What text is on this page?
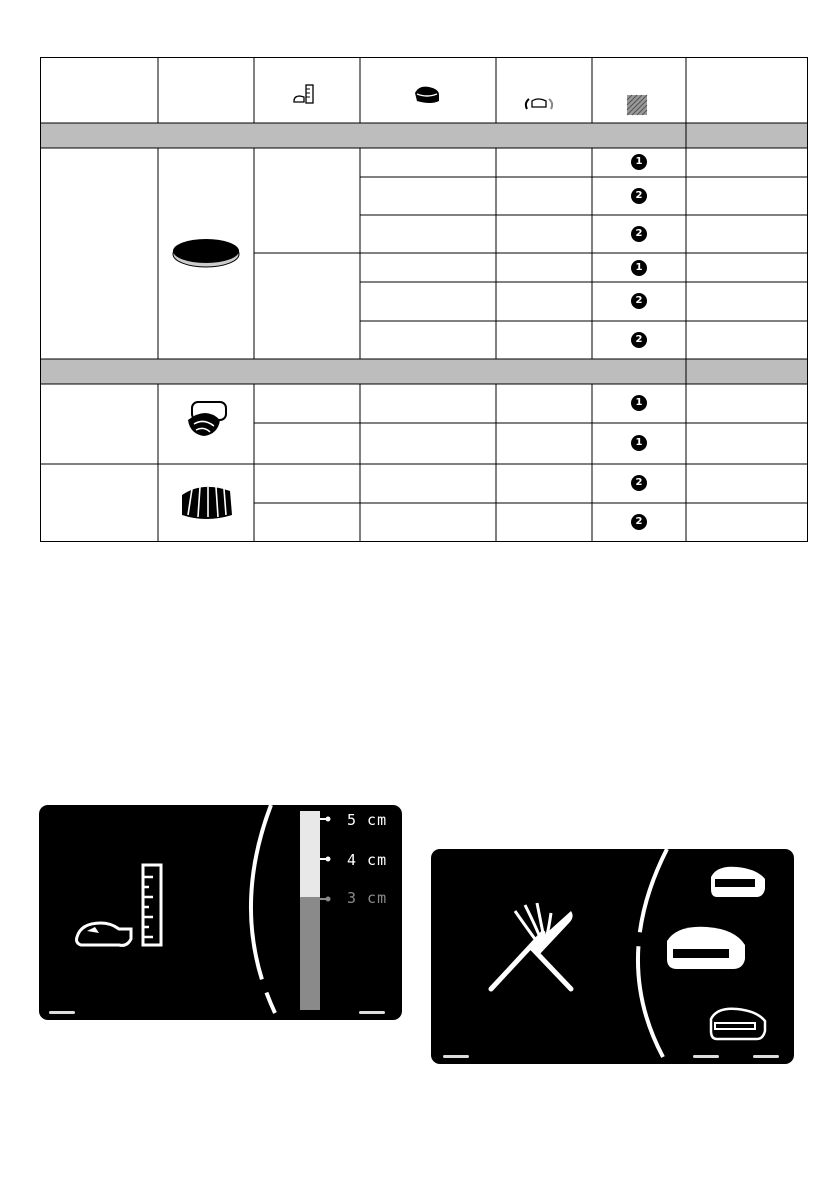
1
2
2
1
2
2
1
1
2
2
5 cm
4 cm
3 cm
